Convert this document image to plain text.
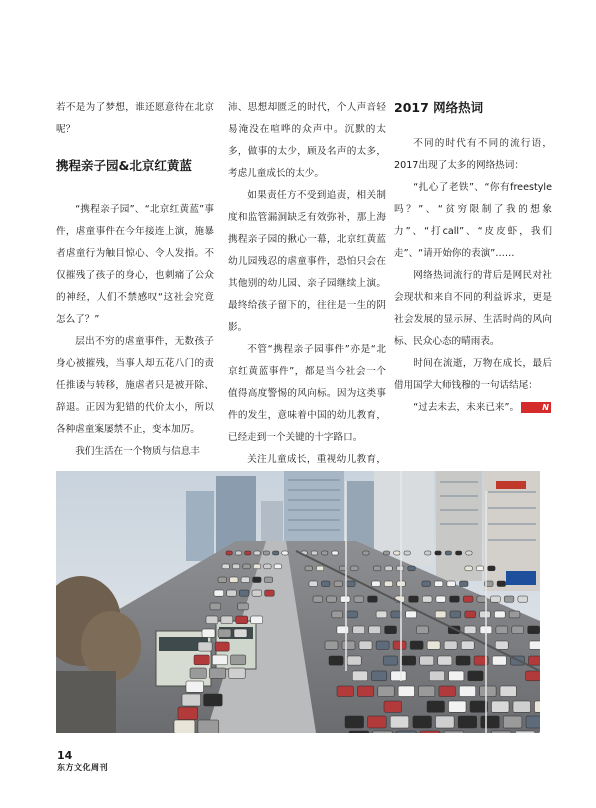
若不是为了梦想，谁还愿意待在北京呢？

携程亲子园&北京红黄蓝

“携程亲子园”、“北京红黄蓝”事件，虐童事件在今年接连上演，施暴者虐童行为触目惊心、令人发指。不仅摧残了孩子的身心，也刺痛了公众的神经，人们不禁感叹“这社会究竟怎么了？”

层出不穷的虐童事件，无数孩子身心被摧残，当事人却五花八门的责任推诿与转移，施虐者只是被开除、辞退。正因为犯错的代价太小，所以各种虐童案屡禁不止，变本加厉。

我们生活在一个物质与信息丰

沛、思想却匮乏的时代，个人声音轻易淹没在喧哗的众声中。沉默的太多，做事的太少，顾及名声的太多，考虑儿童成长的太少。

如果责任方不受到追责，相关制度和监管漏洞缺乏有效弥补，那上海携程亲子园的揪心一幕，北京红黄蓝幼儿园残忍的虐童事件，恐怕只会在其他别的幼儿园、亲子园继续上演。最终给孩子留下的，往往是一生的阴影。

不管“携程亲子园事件”亦是“北京红黄蓝事件”，都是当今社会一个值得高度警惕的风向标。因为这类事件的发生，意味着中国的幼儿教育，已经走到一个关键的十字路口。

关注儿童成长，重视幼儿教育，

2017 网络热词

不同的时代有不同的流行语，2017出现了太多的网络热词：

“扎心了老铁”、“你有freestyle吗？”、“贫穷限制了我的想象力”、“打call”、“皮皮虾，我们走”、“请开始你的表演”……

网络热词流行的背后是网民对社会现状和来自不同的利益诉求，更是社会发展的显示屏、生活时尚的风向标、民众心态的晴雨表。

时间在流逝，万物在成长，最后借用国学大师钱穆的一句话结尾：

“过去未去，未来已来”。	N

14
东方文化周刊
